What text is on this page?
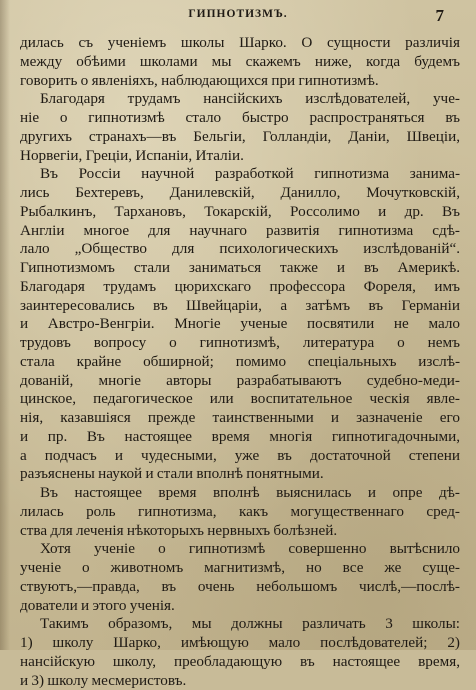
ГИПНОТИЗМЪ.	7
дилась съ ученіемъ школы Шарко. О сущности различія
между обѣими школами мы скажемъ ниже, когда будемъ
говорить о явленіяхъ, наблюдающихся при гипнотизмѣ.
Благодаря трудамъ нансійскихъ изслѣдователей, уче-
ніе о гипнотизмѣ стало быстро распространяться въ
другихъ странахъ—въ Бельгіи, Голландіи, Даніи, Швеціи,
Норвегіи, Греціи, Испаніи, Италіи.
Въ Россіи научной разработкой гипнотизма занима-
лись Бехтеревъ, Данилевскій, Данилло, Мочутковскій,
Рыбалкинъ, Тархановъ, Токарскій, Россолимо и др. Въ
Англіи многое для научнаго развитія гипнотизма сдѣ-
лало „Общество для психологическихъ изслѣдованій“.
Гипнотизмомъ стали заниматься также и въ Америкѣ.
Благодаря трудамъ цюрихскаго профессора Фореля, имъ
заинтересовались въ Швейцаріи, а затѣмъ въ Германіи
и Австро-Венгріи. Многіе ученые посвятили не мало
трудовъ вопросу о гипнотизмѣ, литература о немъ
стала крайне обширной; помимо спеціальныхъ изслѣ-
дованій, многіе авторы разрабатываютъ судебно-меди-
цинское, педагогическое или воспитательное ческія явле-
нія, казавшіяся прежде таинственными и зазначеніе его
и пр. Въ настоящее время многія гипнотигадочными,
а подчасъ и чудесными, уже въ достаточной степени
разъяснены наукой и стали вполнѣ понятными.
Въ настоящее время вполнѣ выяснилась и опре дѣ-
лилась роль гипнотизма, какъ могущественнаго сред-
ства для леченія нѣкоторыхъ нервныхъ болѣзней.
Хотя ученіе о гипнотизмѣ совершенно вытѣснило
ученіе о животномъ магнитизмѣ, но все же суще-
ствуютъ,—правда, въ очень небольшомъ числѣ,—послѣ-
дователи и этого ученія.
Такимъ образомъ, мы должны различать 3 школы:
1) школу Шарко, имѣющую мало послѣдователей; 2)
нансійскую школу, преобладающую въ настоящее время,
и 3) школу месмеристовъ.
